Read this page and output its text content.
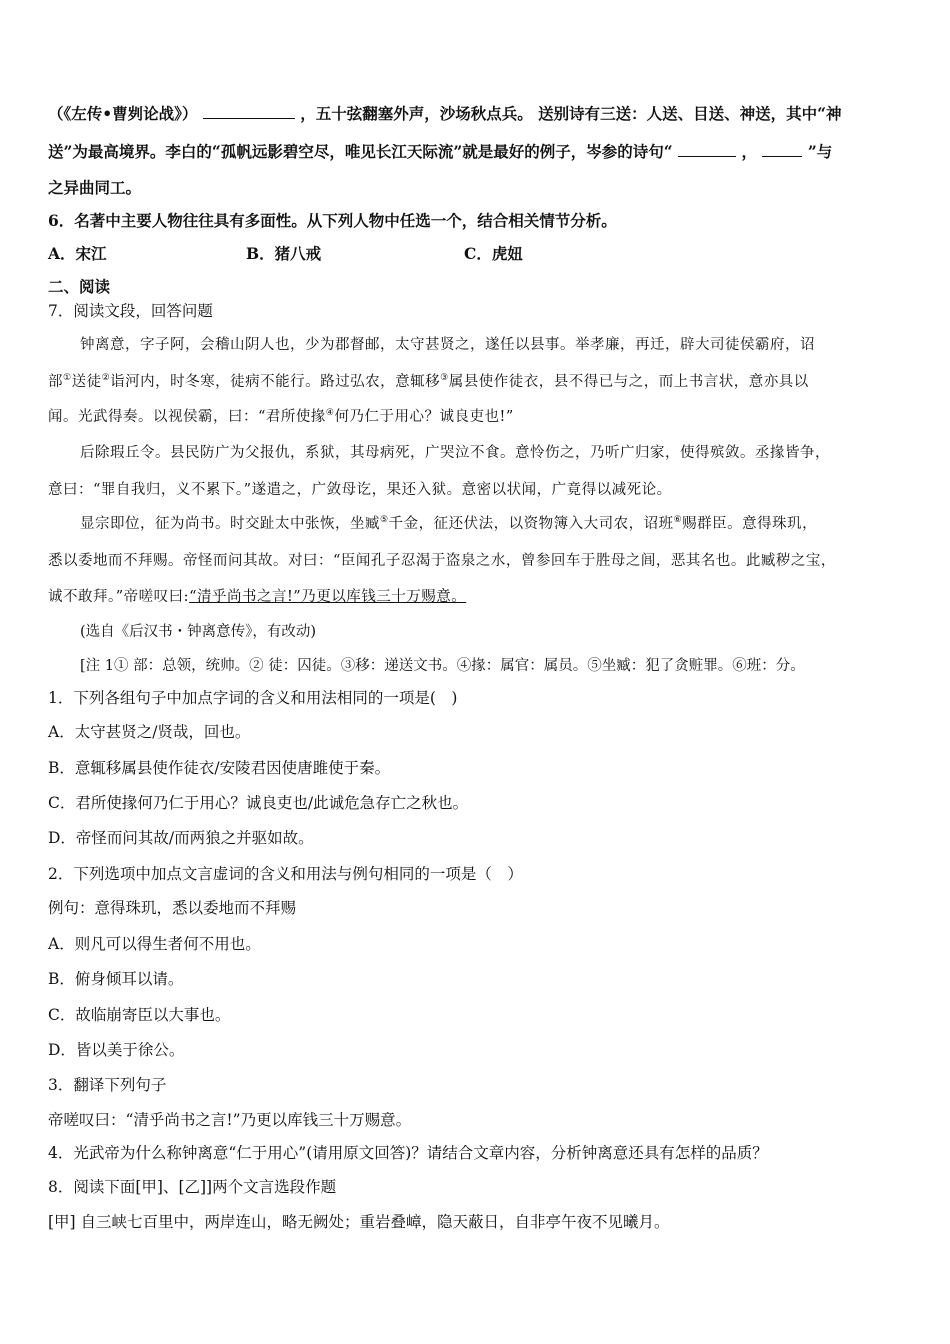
（《左传•曹刿论战》）	，五十弦翻塞外声，沙场秋点兵。 送别诗有三送：人送、目送、神送，其中“神
送”为最高境界。李白的“孤帆远影碧空尽，唯见长江天际流”就是最好的例子，岑参的诗句“	，	”与
之异曲同工。
6．名著中主要人物往往具有多面性。从下列人物中任选一个，结合相关情节分析。
A．宋江	B．猪八戒	C．虎妞
二、阅读
7．阅读文段，回答问题
钟离意，字子阿，会稽山阴人也，少为郡督邮，太守甚贤之，遂任以县事。举孝廉，再迁，辟大司徒侯霸府，诏
部①送徒②诣河内，时冬寒，徒病不能行。路过弘农，意辄移③属县使作徒衣，县不得已与之，而上书言状，意亦具以
闻。光武得奏。以视侯霸，曰：“君所使掾④何乃仁于用心？诚良吏也!”
后除瑕丘令。县民防广为父报仇，系狱，其母病死，广哭泣不食。意怜伤之，乃听广归家，使得殡敛。丞掾皆争，
意曰：“罪自我归，义不累下。”遂遣之，广敛母讫，果还入狱。意密以状闻，广竟得以减死论。
显宗即位，征为尚书。时交趾太中张恢，坐臧⑤千金，征还伏法，以资物簿入大司农，诏班⑥赐群臣。意得珠玑，
悉以委地而不拜赐。帝怪而问其故。对曰：“臣闻孔子忍渴于盗泉之水，曾参回车于胜母之闾，恶其名也。此臧秽之宝，
诚不敢拜。”帝嗟叹曰:“清乎尚书之言!”乃更以库钱三十万赐意。
(选自《后汉书・钟离意传》，有改动)
[注 1① 部：总领，统帅。② 徒：囚徒。③移：递送文书。④掾：属官：属员。⑤坐臧：犯了贪赃罪。⑥班：分。
1．下列各组句子中加点字词的含义和用法相同的一项是(　)
A．太守甚贤之/贤哉，回也。
B．意辄移属县使作徒衣/安陵君因使唐雎使于秦。
C．君所使掾何乃仁于用心？诚良吏也/此诚危急存亡之秋也。
D．帝怪而问其故/而两狼之并驱如故。
2．下列选项中加点文言虚词的含义和用法与例句相同的一项是（　）
例句：意得珠玑，悉以委地而不拜赐
A．则凡可以得生者何不用也。
B．俯身倾耳以请。
C．故临崩寄臣以大事也。
D．皆以美于徐公。
3．翻译下列句子
帝嗟叹曰：“清乎尚书之言!”乃更以库钱三十万赐意。
4．光武帝为什么称钟离意“仁于用心”(请用原文回答)？请结合文章内容，分析钟离意还具有怎样的品质？
8．阅读下面[甲]、[乙]]两个文言选段作题
[甲] 自三峡七百里中，两岸连山，略无阙处；重岩叠嶂，隐天蔽日，自非亭午夜不见曦月。
